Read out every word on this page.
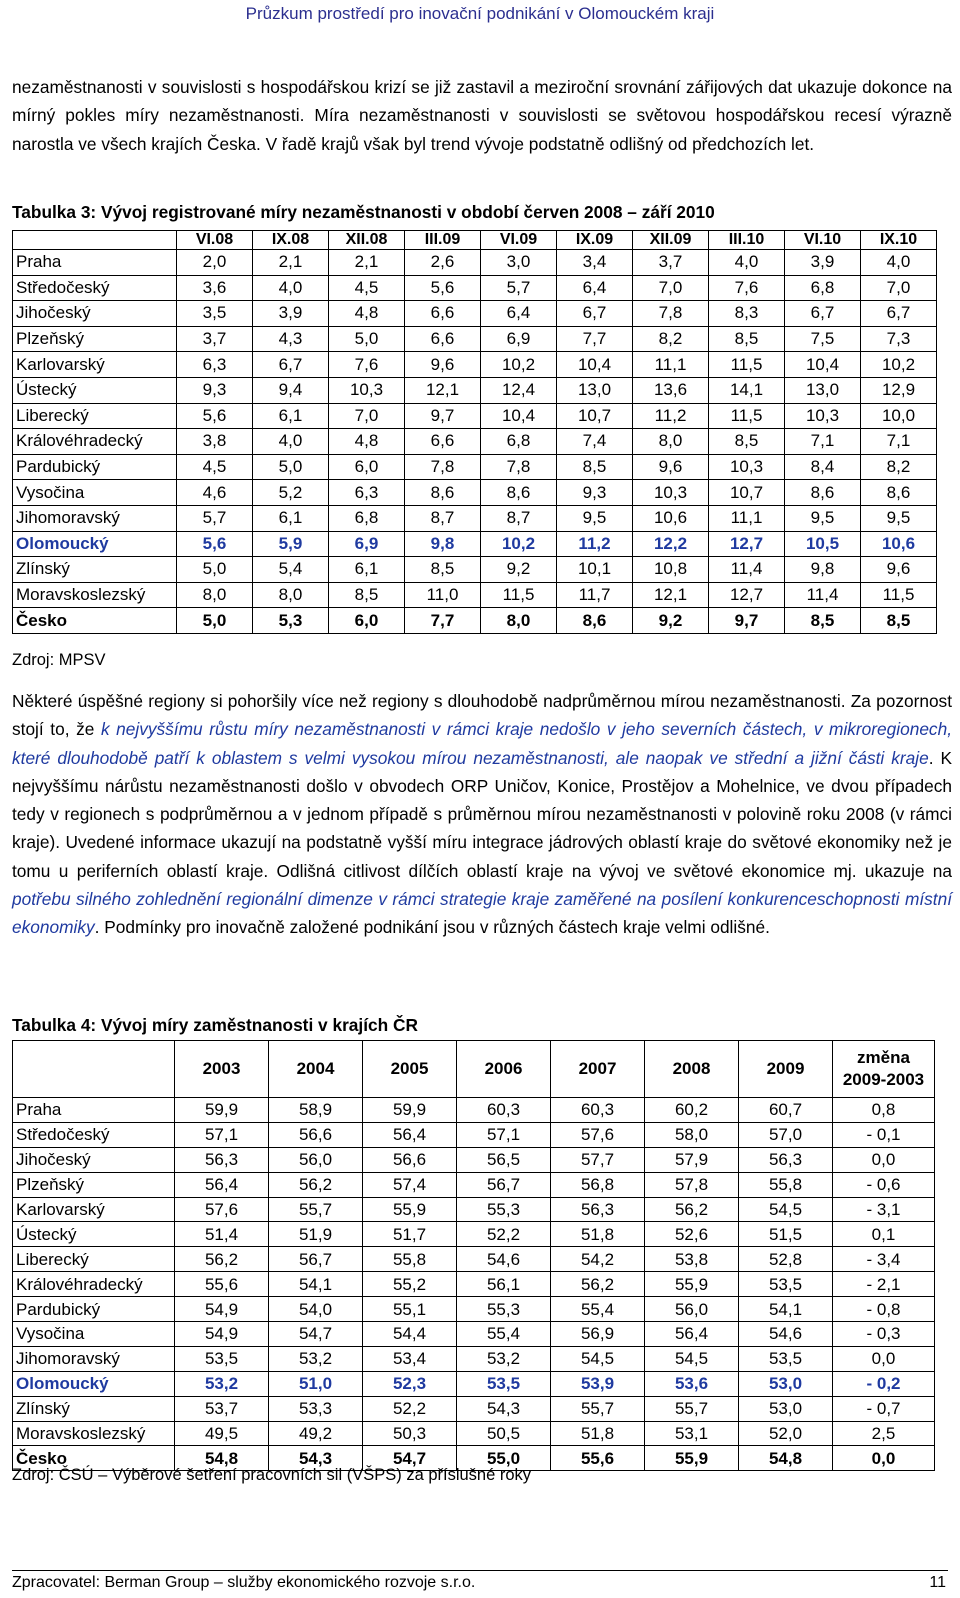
Průzkum prostředí pro inovační podnikání v Olomouckém kraji

nezaměstnanosti v souvislosti s hospodářskou krizí se již zastavil a meziroční srovnání zářijových dat ukazuje dokonce na mírný pokles míry nezaměstnanosti. Míra nezaměstnanosti v souvislosti se světovou hospodářskou recesí výrazně narostla ve všech krajích Česka. V řadě krajů však byl trend vývoje podstatně odlišný od předchozích let.

Tabulka 3: Vývoj registrované míry nezaměstnanosti v období červen 2008 – září 2010

	VI.08	IX.08	XII.08	III.09	VI.09	IX.09	XII.09	III.10	VI.10	IX.10
Praha	2,0	2,1	2,1	2,6	3,0	3,4	3,7	4,0	3,9	4,0
Středočeský	3,6	4,0	4,5	5,6	5,7	6,4	7,0	7,6	6,8	7,0
Jihočeský	3,5	3,9	4,8	6,6	6,4	6,7	7,8	8,3	6,7	6,7
Plzeňský	3,7	4,3	5,0	6,6	6,9	7,7	8,2	8,5	7,5	7,3
Karlovarský	6,3	6,7	7,6	9,6	10,2	10,4	11,1	11,5	10,4	10,2
Ústecký	9,3	9,4	10,3	12,1	12,4	13,0	13,6	14,1	13,0	12,9
Liberecký	5,6	6,1	7,0	9,7	10,4	10,7	11,2	11,5	10,3	10,0
Královéhradecký	3,8	4,0	4,8	6,6	6,8	7,4	8,0	8,5	7,1	7,1
Pardubický	4,5	5,0	6,0	7,8	7,8	8,5	9,6	10,3	8,4	8,2
Vysočina	4,6	5,2	6,3	8,6	8,6	9,3	10,3	10,7	8,6	8,6
Jihomoravský	5,7	6,1	6,8	8,7	8,7	9,5	10,6	11,1	9,5	9,5
Olomoucký	5,6	5,9	6,9	9,8	10,2	11,2	12,2	12,7	10,5	10,6
Zlínský	5,0	5,4	6,1	8,5	9,2	10,1	10,8	11,4	9,8	9,6
Moravskoslezský	8,0	8,0	8,5	11,0	11,5	11,7	12,1	12,7	11,4	11,5
Česko	5,0	5,3	6,0	7,7	8,0	8,6	9,2	9,7	8,5	8,5
Zdroj: MPSV

Některé úspěšné regiony si pohoršily více než regiony s dlouhodobě nadprůměrnou mírou nezaměstnanosti. Za pozornost stojí to, že k nejvyššímu růstu míry nezaměstnanosti v rámci kraje nedošlo v jeho severních částech, v mikroregionech, které dlouhodobě patří k oblastem s velmi vysokou mírou nezaměstnanosti, ale naopak ve střední a jižní části kraje. K nejvyššímu nárůstu nezaměstnanosti došlo v obvodech ORP Uničov, Konice, Prostějov a Mohelnice, ve dvou případech tedy v regionech s podprůměrnou a v jednom případě s průměrnou mírou nezaměstnanosti v polovině roku 2008 (v rámci kraje). Uvedené informace ukazují na podstatně vyšší míru integrace jádrových oblastí kraje do světové ekonomiky než je tomu u periferních oblastí kraje. Odlišná citlivost dílčích oblastí kraje na vývoj ve světové ekonomice mj. ukazuje na potřebu silného zohlednění regionální dimenze v rámci strategie kraje zaměřené na posílení konkurenceschopnosti místní ekonomiky. Podmínky pro inovačně založené podnikání jsou v různých částech kraje velmi odlišné.

Tabulka 4: Vývoj míry zaměstnanosti v krajích ČR

	2003	2004	2005	2006	2007	2008	2009	změna
2009-2003

Praha	59,9	58,9	59,9	60,3	60,3	60,2	60,7	0,8
Středočeský	57,1	56,6	56,4	57,1	57,6	58,0	57,0	- 0,1
Jihočeský	56,3	56,0	56,6	56,5	57,7	57,9	56,3	0,0
Plzeňský	56,4	56,2	57,4	56,7	56,8	57,8	55,8	- 0,6
Karlovarský	57,6	55,7	55,9	55,3	56,3	56,2	54,5	- 3,1
Ústecký	51,4	51,9	51,7	52,2	51,8	52,6	51,5	0,1
Liberecký	56,2	56,7	55,8	54,6	54,2	53,8	52,8	- 3,4
Královéhradecký	55,6	54,1	55,2	56,1	56,2	55,9	53,5	- 2,1
Pardubický	54,9	54,0	55,1	55,3	55,4	56,0	54,1	- 0,8
Vysočina	54,9	54,7	54,4	55,4	56,9	56,4	54,6	- 0,3
Jihomoravský	53,5	53,2	53,4	53,2	54,5	54,5	53,5	0,0
Olomoucký	53,2	51,0	52,3	53,5	53,9	53,6	53,0	- 0,2
Zlínský	53,7	53,3	52,2	54,3	55,7	55,7	53,0	- 0,7
Moravskoslezský	49,5	49,2	50,3	50,5	51,8	53,1	52,0	2,5
Česko	54,8	54,3	54,7	55,0	55,6	55,9	54,8	0,0
Zdroj: ČSÚ – Výběrové šetření pracovních sil (VŠPS) za příslušné roky
Zpracovatel: Berman Group – služby ekonomického rozvoje s.r.o.	11
